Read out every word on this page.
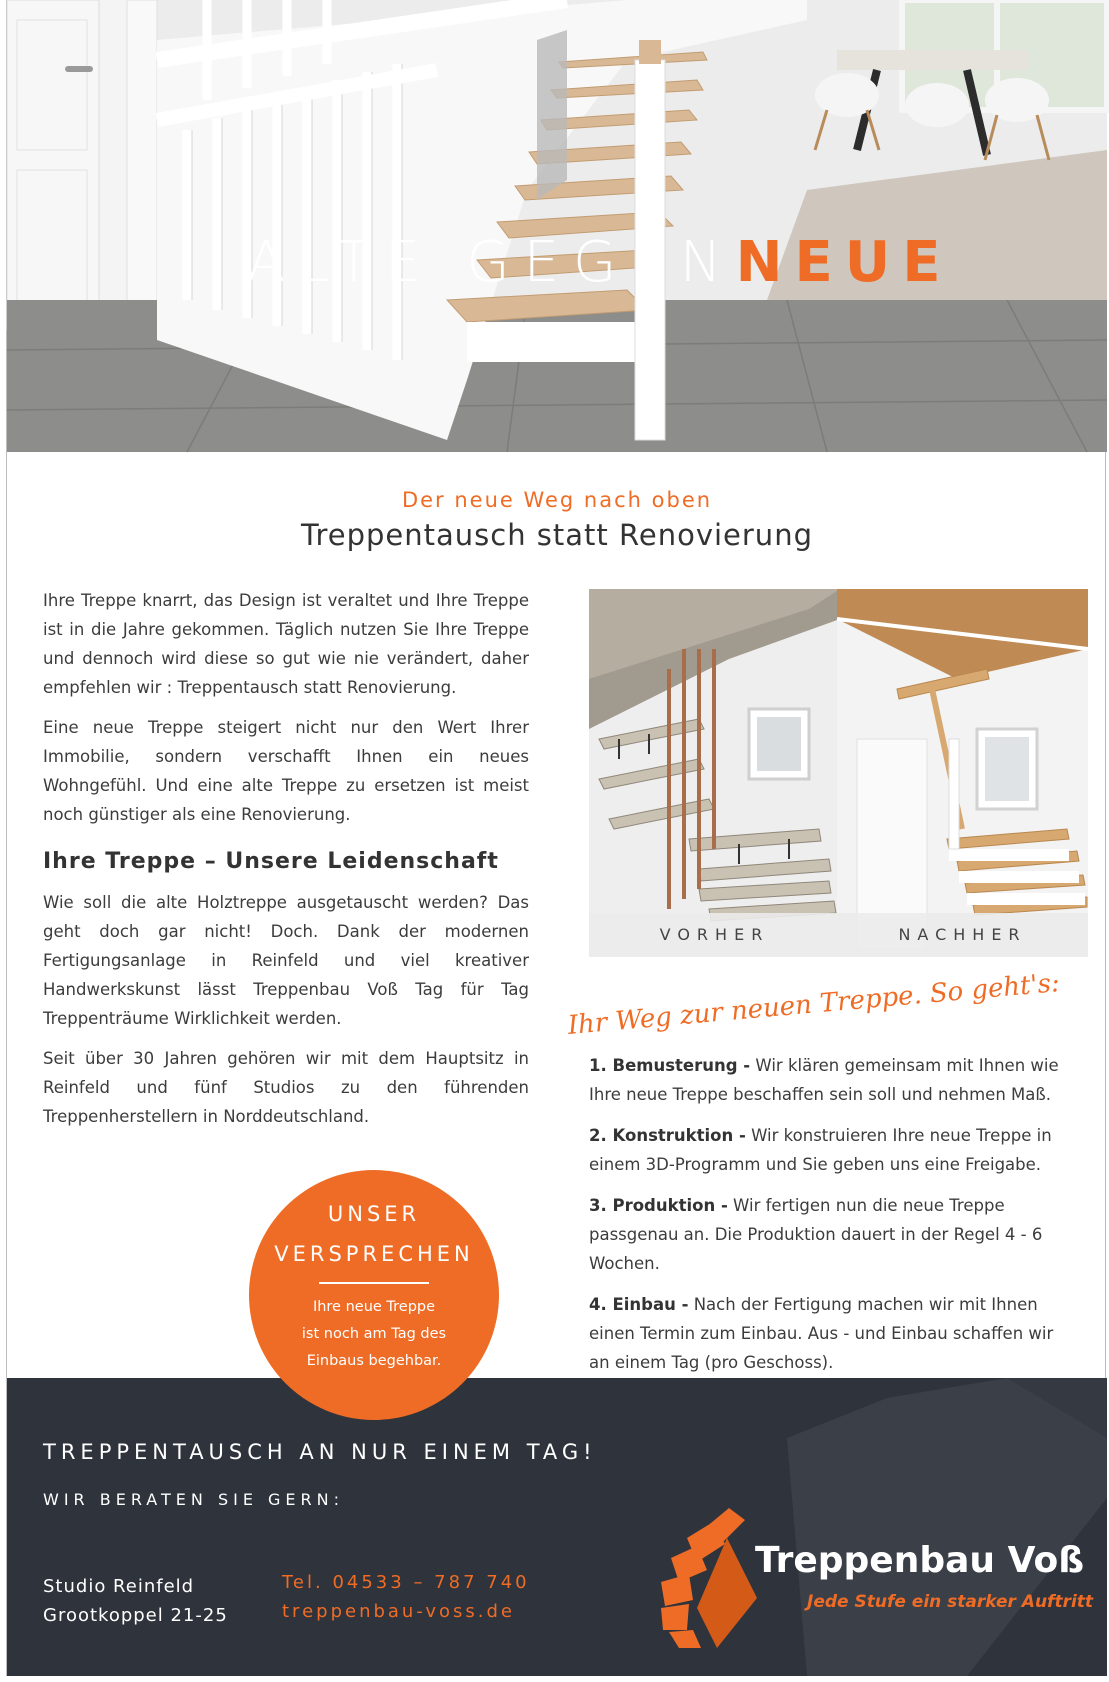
ALTE GEGENNEUE
Der neue Weg nach oben
Treppentausch statt Renovierung

Ihre Treppe knarrt, das Design ist veraltet und Ihre Treppe ist in die Jahre gekommen. Täglich nutzen Sie Ihre Treppe und dennoch wird diese so gut wie nie verändert, daher empfehlen wir : Treppentausch statt Renovierung.

Eine neue Treppe steigert nicht nur den Wert Ihrer Immobilie, sondern verschafft Ihnen ein neues Wohngefühl. Und eine alte Treppe zu ersetzen ist meist noch günstiger als eine Renovierung.

Ihre Treppe – Unsere Leidenschaft

Wie soll die alte Holztreppe ausgetauscht werden? Das geht doch gar nicht! Doch. Dank der modernen Fertigungsanlage in Reinfeld und viel kreativer Handwerkskunst lässt Treppenbau Voß Tag für Tag Treppenträume Wirklichkeit werden.

Seit über 30 Jahren gehören wir mit dem Hauptsitz in Reinfeld und fünf Studios zu den führenden Treppenherstellern in Norddeutschland.

VORHER	NACHHER
Ihr Weg zur neuen Treppe. So geht's:

1. Bemusterung - Wir klären gemeinsam mit Ihnen wie Ihre neue Treppe beschaffen sein soll und nehmen Maß.

2. Konstruktion - Wir konstruieren Ihre neue Treppe in einem 3D-Programm und Sie geben uns eine Freigabe.

3. Produktion - Wir fertigen nun die neue Treppe passgenau an. Die Produktion dauert in der Regel 4 - 6 Wochen.

4. Einbau - Nach der Fertigung machen wir mit Ihnen einen Termin zum Einbau. Aus - und Einbau schaffen wir an einem Tag (pro Geschoss).

UNSER
VERSPRECHEN
Ihre neue Treppe
ist noch am Tag des
Einbaus begehbar.
TREPPENTAUSCH AN NUR EINEM TAG!
WIR BERATEN SIE GERN:
Studio Reinfeld
Grootkoppel 21-25
Tel. 04533 – 787 740
treppenbau-voss.de
Treppenbau Voß
Jede Stufe ein starker Auftritt
